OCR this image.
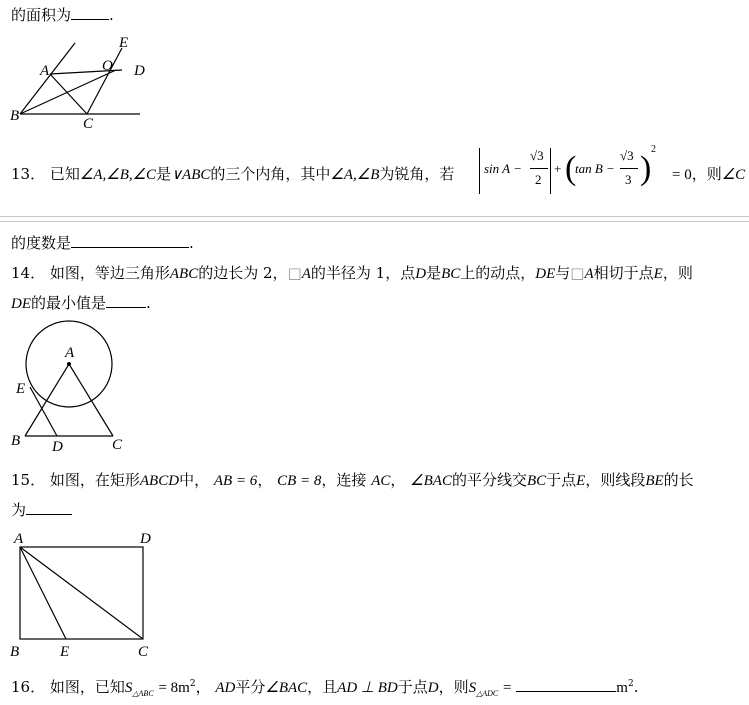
的面积为	.
A	O
E
D
B	C
13． 已知∠A,∠B,∠C是∨ABC的三个内角，其中∠A,∠B为锐角，若 sin A −
√3
2
+ (
tan B −
√3
3 )
2
= 0，则∠C
的度数是	.
14． 如图，等边三角形ABC的边长为 2，□A的半径为 1，点D是BC上的动点，DE与□A相切于点E，则
DE的最小值是	.
A
E
B D	C
15． 如图，在矩形ABCD中， AB = 6， CB = 8，连接 AC， ∠BAC的平分线交BC于点E，则线段BE的长
为
A	D
B	E	C
16． 如图，已知$S_{\triangle ABC} = 8m^2$， AD平分∠BAC，且AD ⊥ BD于点D，则$S_{\triangle ADC}$ =	$m^2$.
